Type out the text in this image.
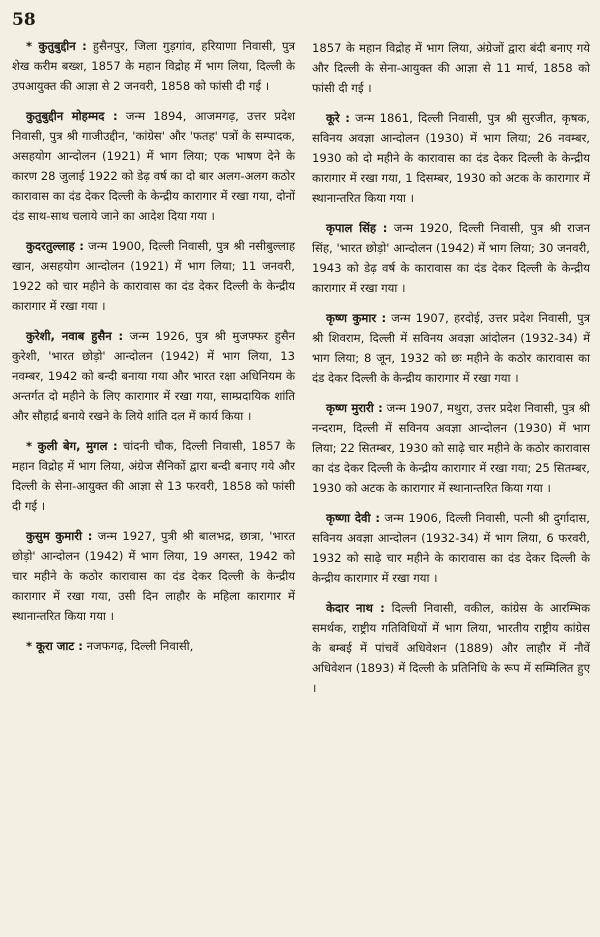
58

* कुतुबुद्दीन : हुसैनपुर, जिला गुड़गांव, हरियाणा निवासी, पुत्र शेख करीम बख्श, 1857 के महान विद्रोह में भाग लिया, दिल्ली के उपआयुक्त की आज्ञा से 2 जनवरी, 1858 को फांसी दी गई ।

कुतुबुद्दीन मोहम्मद : जन्म 1894, आजमगढ़, उत्तर प्रदेश निवासी, पुत्र श्री गाजीउद्दीन, 'कांग्रेस' और 'फतह' पत्रों के सम्पादक, असहयोग आन्दोलन (1921) में भाग लिया; एक भाषण देने के कारण 28 जुलाई 1922 को डेढ़ वर्ष का दो बार अलग-अलग कठोर कारावास का दंड देकर दिल्ली के केन्द्रीय कारागार में रखा गया, दोनों दंड साथ-साथ चलाये जाने का आदेश दिया गया ।

कुदरतुल्लाह : जन्म 1900, दिल्ली निवासी, पुत्र श्री नसीबुल्लाह खान, असहयोग आन्दोलन (1921) में भाग लिया; 11 जनवरी, 1922 को चार महीने के कारावास का दंड देकर दिल्ली के केन्द्रीय कारागार में रखा गया ।

कुरेशी, नवाब हुसैन : जन्म 1926, पुत्र श्री मुजफ्फर हुसैन कुरेशी, 'भारत छोड़ो' आन्दोलन (1942) में भाग लिया, 13 नवम्बर, 1942 को बन्दी बनाया गया और भारत रक्षा अधिनियम के अन्तर्गत दो महीने के लिए कारागार में रखा गया, साम्प्रदायिक शांति और सौहार्द्र बनाये रखने के लिये शांति दल में कार्य किया ।

* कुली बेग, मुगल : चांदनी चौक, दिल्ली निवासी, 1857 के महान विद्रोह में भाग लिया, अंग्रेज सैनिकों द्वारा बन्दी बनाए गये और दिल्ली के सेना-आयुक्त की आज्ञा से 13 फरवरी, 1858 को फांसी दी गई ।

कुसुम कुमारी : जन्म 1927, पुत्री श्री बालभद्र, छात्रा, 'भारत छोड़ो' आन्दोलन (1942) में भाग लिया, 19 अगस्त, 1942 को चार महीने के कठोर कारावास का दंड देकर दिल्ली के केन्द्रीय कारागार में रखा गया, उसी दिन लाहौर के महिला कारागार में स्थानान्तरित किया गया ।

* कूरा जाट : नजफगढ़, दिल्ली निवासी,

1857 के महान विद्रोह में भाग लिया, अंग्रेजों द्वारा बंदी बनाए गये और दिल्ली के सेना-आयुक्त की आज्ञा से 11 मार्च, 1858 को फांसी दी गई ।

कूरे : जन्म 1861, दिल्ली निवासी, पुत्र श्री सुरजीत, कृषक, सविनय अवज्ञा आन्दोलन (1930) में भाग लिया; 26 नवम्बर, 1930 को दो महीने के कारावास का दंड देकर दिल्ली के केन्द्रीय कारागार में रखा गया, 1 दिसम्बर, 1930 को अटक के कारागार में स्थानान्तरित किया गया ।

कृपाल सिंह : जन्म 1920, दिल्ली निवासी, पुत्र श्री राजन सिंह, 'भारत छोड़ो' आन्दोलन (1942) में भाग लिया; 30 जनवरी, 1943 को डेढ़ वर्ष के कारावास का दंड देकर दिल्ली के केन्द्रीय कारागार में रखा गया ।

कृष्ण कुमार : जन्म 1907, हरदोई, उत्तर प्रदेश निवासी, पुत्र श्री शिवराम, दिल्ली में सविनय अवज्ञा आंदोलन (1932-34) में भाग लिया; 8 जून, 1932 को छः महीने के कठोर कारावास का दंड देकर दिल्ली के केन्द्रीय कारागार में रखा गया ।

कृष्ण मुरारी : जन्म 1907, मथुरा, उत्तर प्रदेश निवासी, पुत्र श्री नन्दराम, दिल्ली में सविनय अवज्ञा आन्दोलन (1930) में भाग लिया; 22 सितम्बर, 1930 को साढ़े चार महीने के कठोर कारावास का दंड देकर दिल्ली के केन्द्रीय कारागार में रखा गया; 25 सितम्बर, 1930 को अटक के कारागार में स्थानान्तरित किया गया ।

कृष्णा देवी : जन्म 1906, दिल्ली निवासी, पत्नी श्री दुर्गादास, सविनय अवज्ञा आन्दोलन (1932-34) में भाग लिया, 6 फरवरी, 1932 को साढ़े चार महीने के कारावास का दंड देकर दिल्ली के केन्द्रीय कारागार में रखा गया ।

केदार नाथ : दिल्ली निवासी, वकील, कांग्रेस के आरम्भिक समर्थक, राष्ट्रीय गतिविधियों में भाग लिया, भारतीय राष्ट्रीय कांग्रेस के बम्बई में पांचवें अधिवेशन (1889) और लाहौर में नौवें अधिवेशन (1893) में दिल्ली के प्रतिनिधि के रूप में सम्मिलित हुए ।
